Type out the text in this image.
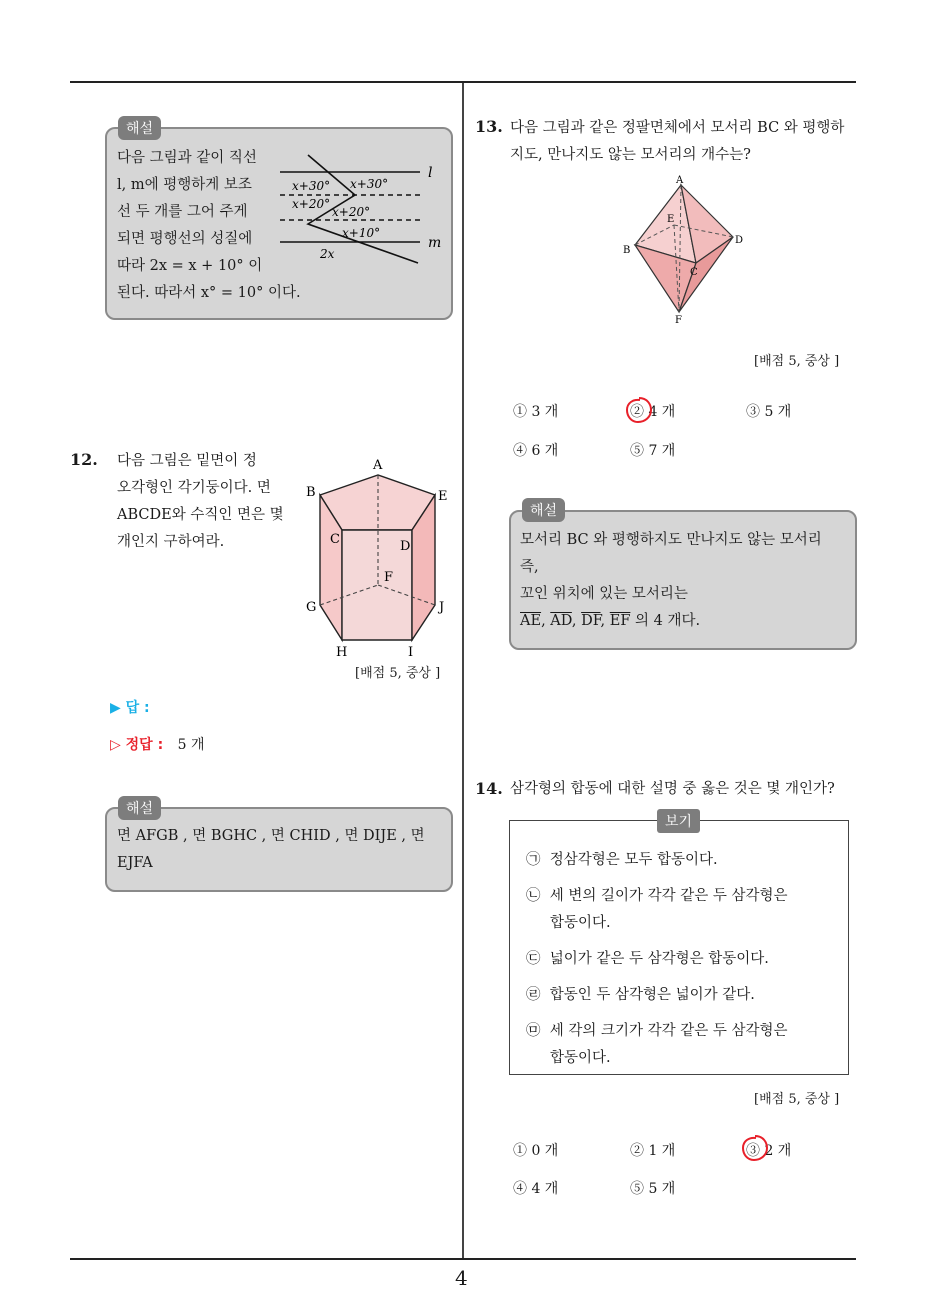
4
해설
다음 그림과 같이 직선
l, m에 평행하게 보조
선 두 개를 그어 주게
되면 평행선의 성질에
따라 2x = x + 10° 이
된다. 따라서 x° = 10° 이다.
l
m
x+30° x+30°
x+20°
x+20°
x+10°
2x
12. 다음 그림은 밑면이 정
오각형인 각기둥이다. 면
ABCDE와 수직인 면은 몇
개인지 구하여라.
A
B
C	D
E
F
G
H	I
J
[배점 5, 중상 ]
▶ 답 :
▷ 정답 : 5 개
해설
면 AFGB , 면 BGHC , 면 CHID , 면 DIJE , 면
EJFA
13. 다음 그림과 같은 정팔면체에서 모서리 BC 와 평행하
지도, 만나지도 않는 모서리의 개수는?
A
B
C
D
E
F
[배점 5, 중상 ]
① 3 개	② 4 개	③ 5 개
④ 6 개	⑤ 7 개
해설
모서리 BC 와 평행하지도 만나지도 않는 모서리
즉,
꼬인 위치에 있는 모서리는
$\overline{AE}$, $\overline{AD}$, $\overline{DF}$, $\overline{EF}$ 의 4 개다.
14. 삼각형의 합동에 대한 설명 중 옳은 것은 몇 개인가?
보기
㉠ 정삼각형은 모두 합동이다.
㉡ 세 변의 길이가 각각 같은 두 삼각형은
합동이다.
㉢ 넓이가 같은 두 삼각형은 합동이다.
㉣ 합동인 두 삼각형은 넓이가 같다.
㉤ 세 각의 크기가 각각 같은 두 삼각형은
합동이다.
[배점 5, 중상 ]
① 0 개	② 1 개	③ 2 개
④ 4 개	⑤ 5 개
